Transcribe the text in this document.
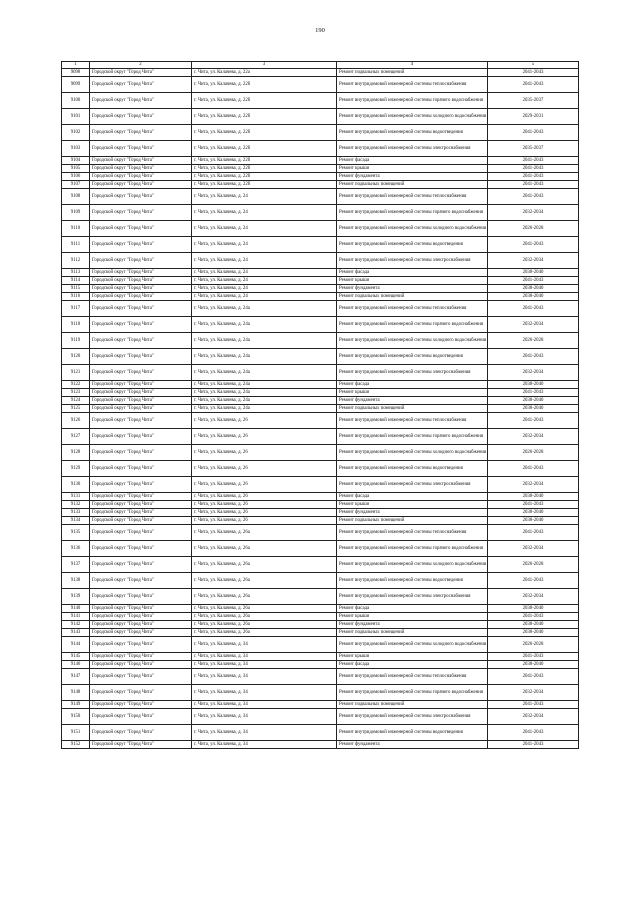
190
1	2	3	4	5
9098	Городской округ "Город Чита"	г. Чита, ул. Калачева, д. 22а	Ремонт подвальных помещений	2041-2043
9099	Городской округ "Город Чита"	г. Чита, ул. Калачева, д. 22б	Ремонт внутридомовой инженерной системы теплоснабжения	2041-2043
9100	Городской округ "Город Чита"	г. Чита, ул. Калачева, д. 22б	Ремонт внутридомовой инженерной системы горячего водоснабжения	2035-2037
9101	Городской округ "Город Чита"	г. Чита, ул. Калачева, д. 22б	Ремонт внутридомовой инженерной системы холодного водоснабжения	2029-2031
9102	Городской округ "Город Чита"	г. Чита, ул. Калачева, д. 22б	Ремонт внутридомовой инженерной системы водоотведения	2041-2043
9103	Городской округ "Город Чита"	г. Чита, ул. Калачева, д. 22б	Ремонт внутридомовой инженерной системы электроснабжения	2035-2037
9104	Городской округ "Город Чита"	г. Чита, ул. Калачева, д. 22б	Ремонт фасада	2041-2043
9105	Городской округ "Город Чита"	г. Чита, ул. Калачева, д. 22б	Ремонт крыши	2041-2043
9106	Городской округ "Город Чита"	г. Чита, ул. Калачева, д. 22б	Ремонт фундамента	2041-2043
9107	Городской округ "Город Чита"	г. Чита, ул. Калачева, д. 22б	Ремонт подвальных помещений	2041-2043
9108	Городской округ "Город Чита"	г. Чита, ул. Калачева, д. 24	Ремонт внутридомовой инженерной системы теплоснабжения	2041-2043
9109	Городской округ "Город Чита"	г. Чита, ул. Калачева, д. 24	Ремонт внутридомовой инженерной системы горячего водоснабжения	2032-2034
9110	Городской округ "Город Чита"	г. Чита, ул. Калачева, д. 24	Ремонт внутридомовой инженерной системы холодного водоснабжения	2026-2028
9111	Городской округ "Город Чита"	г. Чита, ул. Калачева, д. 24	Ремонт внутридомовой инженерной системы водоотведения	2041-2043
9112	Городской округ "Город Чита"	г. Чита, ул. Калачева, д. 24	Ремонт внутридомовой инженерной системы электроснабжения	2032-2034
9113	Городской округ "Город Чита"	г. Чита, ул. Калачева, д. 24	Ремонт фасада	2038-2040
9114	Городской округ "Город Чита"	г. Чита, ул. Калачева, д. 24	Ремонт крыши	2041-2043
9115	Городской округ "Город Чита"	г. Чита, ул. Калачева, д. 24	Ремонт фундамента	2038-2040
9116	Городской округ "Город Чита"	г. Чита, ул. Калачева, д. 24	Ремонт подвальных помещений	2038-2040
9117	Городской округ "Город Чита"	г. Чита, ул. Калачева, д. 24а	Ремонт внутридомовой инженерной системы теплоснабжения	2041-2043
9118	Городской округ "Город Чита"	г. Чита, ул. Калачева, д. 24а	Ремонт внутридомовой инженерной системы горячего водоснабжения	2032-2034
9119	Городской округ "Город Чита"	г. Чита, ул. Калачева, д. 24а	Ремонт внутридомовой инженерной системы холодного водоснабжения	2026-2028
9120	Городской округ "Город Чита"	г. Чита, ул. Калачева, д. 24а	Ремонт внутридомовой инженерной системы водоотведения	2041-2043
9121	Городской округ "Город Чита"	г. Чита, ул. Калачева, д. 24а	Ремонт внутридомовой инженерной системы электроснабжения	2032-2034
9122	Городской округ "Город Чита"	г. Чита, ул. Калачева, д. 24а	Ремонт фасада	2038-2040
9123	Городской округ "Город Чита"	г. Чита, ул. Калачева, д. 24а	Ремонт крыши	2041-2043
9124	Городской округ "Город Чита"	г. Чита, ул. Калачева, д. 24а	Ремонт фундамента	2038-2040
9125	Городской округ "Город Чита"	г. Чита, ул. Калачева, д. 24а	Ремонт подвальных помещений	2038-2040
9126	Городской округ "Город Чита"	г. Чита, ул. Калачева, д. 26	Ремонт внутридомовой инженерной системы теплоснабжения	2041-2043
9127	Городской округ "Город Чита"	г. Чита, ул. Калачева, д. 26	Ремонт внутридомовой инженерной системы горячего водоснабжения	2032-2034
9128	Городской округ "Город Чита"	г. Чита, ул. Калачева, д. 26	Ремонт внутридомовой инженерной системы холодного водоснабжения	2026-2028
9129	Городской округ "Город Чита"	г. Чита, ул. Калачева, д. 26	Ремонт внутридомовой инженерной системы водоотведения	2041-2043
9130	Городской округ "Город Чита"	г. Чита, ул. Калачева, д. 26	Ремонт внутридомовой инженерной системы электроснабжения	2032-2034
9131	Городской округ "Город Чита"	г. Чита, ул. Калачева, д. 26	Ремонт фасада	2038-2040
9132	Городской округ "Город Чита"	г. Чита, ул. Калачева, д. 26	Ремонт крыши	2041-2043
9133	Городской округ "Город Чита"	г. Чита, ул. Калачева, д. 26	Ремонт фундамента	2038-2040
9134	Городской округ "Город Чита"	г. Чита, ул. Калачева, д. 26	Ремонт подвальных помещений	2038-2040
9135	Городской округ "Город Чита"	г. Чита, ул. Калачева, д. 26а	Ремонт внутридомовой инженерной системы теплоснабжения	2041-2043
9136	Городской округ "Город Чита"	г. Чита, ул. Калачева, д. 26а	Ремонт внутридомовой инженерной системы горячего водоснабжения	2032-2034
9137	Городской округ "Город Чита"	г. Чита, ул. Калачева, д. 26а	Ремонт внутридомовой инженерной системы холодного водоснабжения	2026-2028
9138	Городской округ "Город Чита"	г. Чита, ул. Калачева, д. 26а	Ремонт внутридомовой инженерной системы водоотведения	2041-2043
9139	Городской округ "Город Чита"	г. Чита, ул. Калачева, д. 26а	Ремонт внутридомовой инженерной системы электроснабжения	2032-2034
9140	Городской округ "Город Чита"	г. Чита, ул. Калачева, д. 26а	Ремонт фасада	2038-2040
9141	Городской округ "Город Чита"	г. Чита, ул. Калачева, д. 26а	Ремонт крыши	2041-2043
9142	Городской округ "Город Чита"	г. Чита, ул. Калачева, д. 26а	Ремонт фундамента	2038-2040
9143	Городской округ "Город Чита"	г. Чита, ул. Калачева, д. 26а	Ремонт подвальных помещений	2038-2040
9144	Городской округ "Город Чита"	г. Чита, ул. Калачева, д. 34	Ремонт внутридомовой инженерной системы холодного водоснабжения	2026-2028
9145	Городской округ "Город Чита"	г. Чита, ул. Калачева, д. 34	Ремонт крыши	2041-2043
9146	Городской округ "Город Чита"	г. Чита, ул. Калачева, д. 34	Ремонт фасада	2038-2040
9147	Городской округ "Город Чита"	г. Чита, ул. Калачева, д. 34	Ремонт внутридомовой инженерной системы теплоснабжения	2041-2043
9148	Городской округ "Город Чита"	г. Чита, ул. Калачева, д. 34	Ремонт внутридомовой инженерной системы горячего водоснабжения	2032-2034
9149	Городской округ "Город Чита"	г. Чита, ул. Калачева, д. 34	Ремонт подвальных помещений	2041-2043
9150	Городской округ "Город Чита"	г. Чита, ул. Калачева, д. 34	Ремонт внутридомовой инженерной системы электроснабжения	2032-2034
9151	Городской округ "Город Чита"	г. Чита, ул. Калачева, д. 34	Ремонт внутридомовой инженерной системы водоотведения	2041-2043
9152	Городской округ "Город Чита"	г. Чита, ул. Калачева, д. 34	Ремонт фундамента	2041-2043
